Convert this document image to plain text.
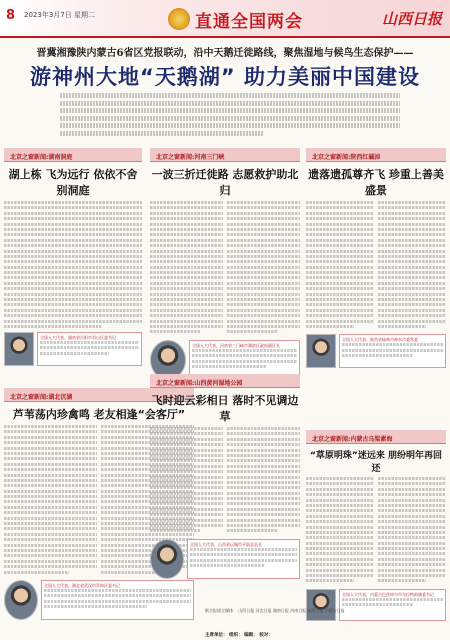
8 2023年3月7日 星期二	直通全国两会	山西日报
晋冀湘豫陕内蒙古6省区党报联动，沿中天鹅迁徙路线，聚焦湿地与候鸟生态保护——
游神州大地“天鹅湖” 助力美丽中国建设
北京之窗新闻:湖南洞庭
湖上栋 飞为远行 依依不舍别洞庭
全国人大代表，湖南省岳阳市君山区委书记
北京之窗新闻:河南三门峡
一波三折迁徙路 志愿救护助北归
全国人大代表，河南省三门峡市湖滨区政府副区长
北京之窗新闻:陕西红碱淖
遗落遗孤尊齐飞 珍重上善美盛景
全国人大代表、陕西省榆林市神木市委常委
北京之窗新闻:湖北沉湖
芦苇荡内珍禽鸣 老友相逢“会客厅”
全国人大代表，湖北省武汉市蔡甸区委书记
北京之窗新闻:山西黄河湿地公园
飞时迎云彩相日 落时不见调边草
全国人大代表，山西省运城市平陆县县长
北京之窗新闻:内蒙古乌梁素海
“草原明珠”迷远来 朋纷明年再回还
全国人大代表，内蒙古巴彦淖尔市乌拉特前旗委书记
联合报道全媒体： 山西日报 河北日报 湖南日报 河南日报 陕西日报 内蒙古日报
主席单位： 组织： 编辑： 校对：
